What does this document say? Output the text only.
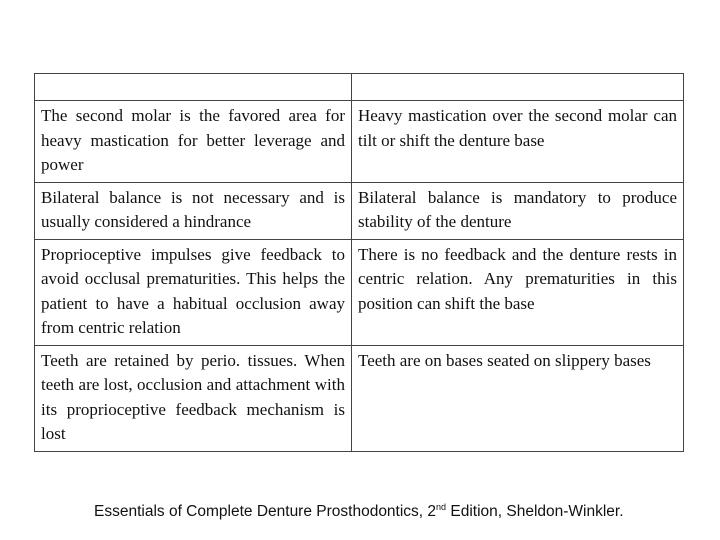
The second molar is the favored area for heavy mastication for better leverage and power	Heavy mastication over the second molar can tilt or shift the denture base
Bilateral balance is not necessary and is usually considered a hindrance	Bilateral balance is mandatory to produce stability of the denture
Proprioceptive impulses give feedback to avoid occlusal prematurities. This helps the patient to have a habitual occlusion away from centric relation	There is no feedback and the denture rests in centric relation. Any prematurities in this position can shift the base
Teeth are retained by perio. tissues. When teeth are lost, occlusion and attachment with its proprioceptive feedback mechanism is lost	Teeth are on bases seated on slippery bases
Essentials of Complete Denture Prosthodontics, 2nd Edition, Sheldon-Winkler.
